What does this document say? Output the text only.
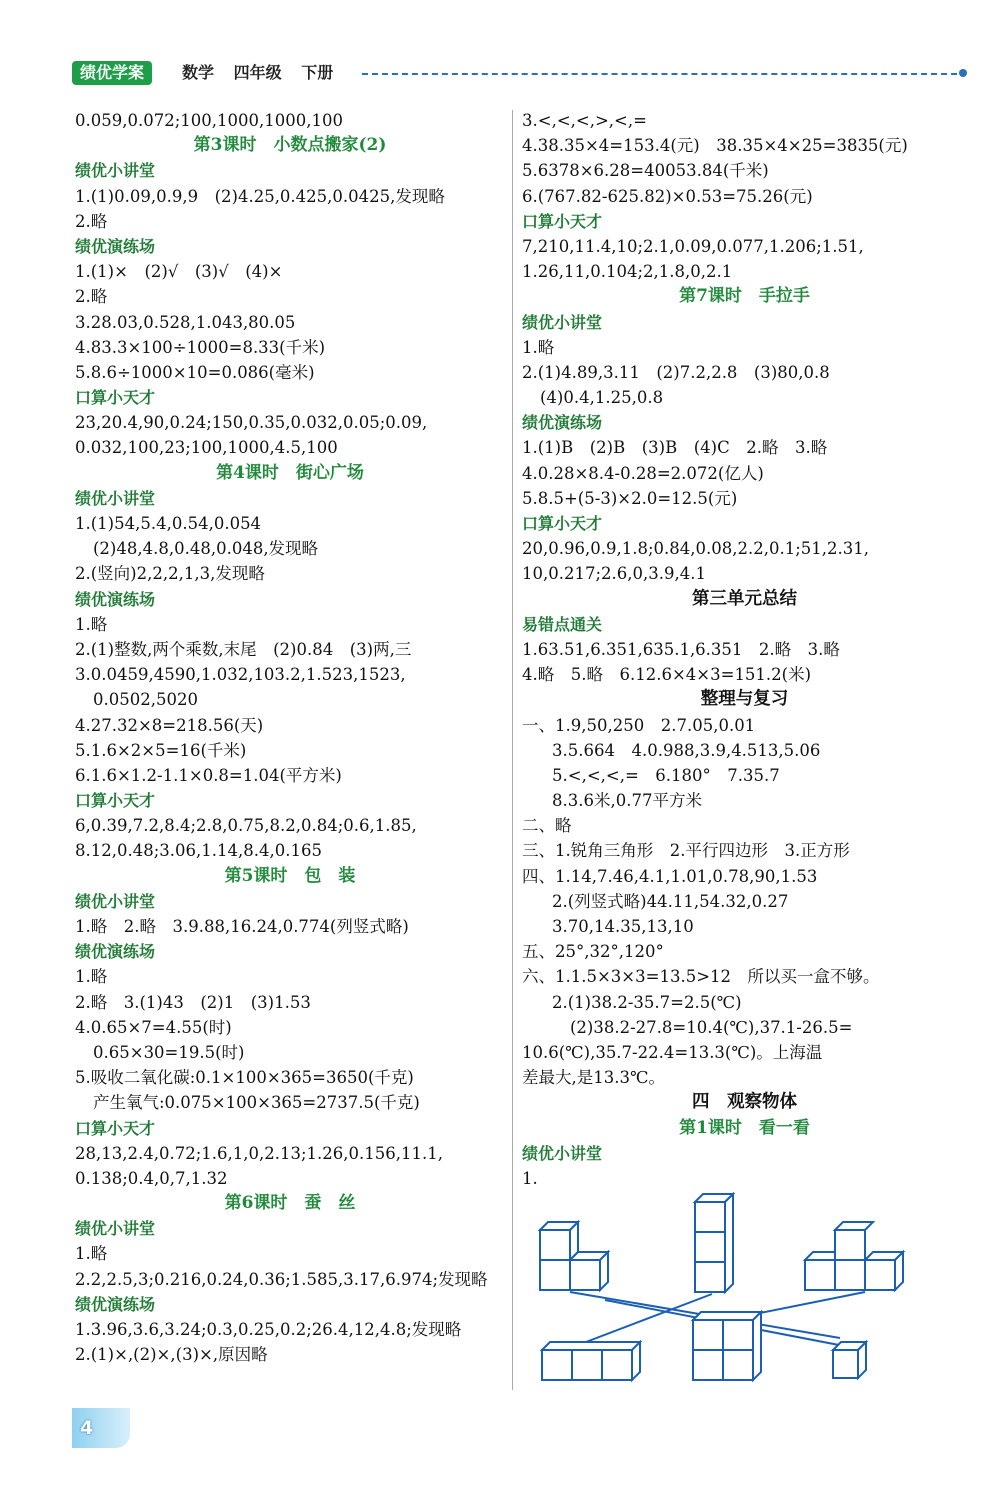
绩优学案	数学 四年级 下册
0.059,0.072;100,1000,1000,100
第3课时　小数点搬家(2)
绩优小讲堂
1.(1)0.09,0.9,9　(2)4.25,0.425,0.0425,发现略
2.略
绩优演练场
1.(1)×　(2)√　(3)√　(4)×
2.略
3.28.03,0.528,1.043,80.05
4.83.3×100÷1000=8.33(千米)
5.8.6÷1000×10=0.086(毫米)
口算小天才
23,20.4,90,0.24;150,0.35,0.032,0.05;0.09,
0.032,100,23;100,1000,4.5,100
第4课时　街心广场
绩优小讲堂
1.(1)54,5.4,0.54,0.054
(2)48,4.8,0.48,0.048,发现略
2.(竖向)2,2,2,1,3,发现略
绩优演练场
1.略
2.(1)整数,两个乘数,末尾　(2)0.84　(3)两,三
3.0.0459,4590,1.032,103.2,1.523,1523,
0.0502,5020
4.27.32×8=218.56(天)
5.1.6×2×5=16(千米)
6.1.6×1.2-1.1×0.8=1.04(平方米)
口算小天才
6,0.39,7.2,8.4;2.8,0.75,8.2,0.84;0.6,1.85,
8.12,0.48;3.06,1.14,8.4,0.165
第5课时　包　装
绩优小讲堂
1.略　2.略　3.9.88,16.24,0.774(列竖式略)
绩优演练场
1.略
2.略　3.(1)43　(2)1　(3)1.53
4.0.65×7=4.55(时)
0.65×30=19.5(时)
5.吸收二氧化碳:0.1×100×365=3650(千克)
产生氧气:0.075×100×365=2737.5(千克)
口算小天才
28,13,2.4,0.72;1.6,1,0,2.13;1.26,0.156,11.1,
0.138;0.4,0,7,1.32
第6课时　蚕　丝
绩优小讲堂
1.略
2.2,2.5,3;0.216,0.24,0.36;1.585,3.17,6.974;发现略
绩优演练场
1.3.96,3.6,3.24;0.3,0.25,0.2;26.4,12,4.8;发现略
2.(1)×,(2)×,(3)×,原因略
3.<,<,<,>,<,=
4.38.35×4=153.4(元)　38.35×4×25=3835(元)
5.6378×6.28=40053.84(千米)
6.(767.82-625.82)×0.53=75.26(元)
口算小天才
7,210,11.4,10;2.1,0.09,0.077,1.206;1.51,
1.26,11,0.104;2,1.8,0,2.1
第7课时　手拉手
绩优小讲堂
1.略
2.(1)4.89,3.11　(2)7.2,2.8　(3)80,0.8
(4)0.4,1.25,0.8
绩优演练场
1.(1)B　(2)B　(3)B　(4)C　2.略　3.略
4.0.28×8.4-0.28=2.072(亿人)
5.8.5+(5-3)×2.0=12.5(元)
口算小天才
20,0.96,0.9,1.8;0.84,0.08,2.2,0.1;51,2.31,
10,0.217;2.6,0,3.9,4.1
第三单元总结
易错点通关
1.63.51,6.351,635.1,6.351　2.略　3.略
4.略　5.略　6.12.6×4×3=151.2(米)
整理与复习
一、1.9,50,250　2.7.05,0.01
3.5.664　4.0.988,3.9,4.513,5.06
5.<,<,<,=　6.180°　7.35.7
8.3.6米,0.77平方米
二、略
三、1.锐角三角形　2.平行四边形　3.正方形
四、1.14,7.46,4.1,1.01,0.78,90,1.53
2.(列竖式略)44.11,54.32,0.27
3.70,14.35,13,10
五、25°,32°,120°
六、1.1.5×3×3=13.5>12　所以买一盒不够。
2.(1)38.2-35.7=2.5(℃)
(2)38.2-27.8=10.4(℃),37.1-26.5=
10.6(℃),35.7-22.4=13.3(℃)。上海温
差最大,是13.3℃。
四　观察物体
第1课时　看一看
绩优小讲堂
1.
4
